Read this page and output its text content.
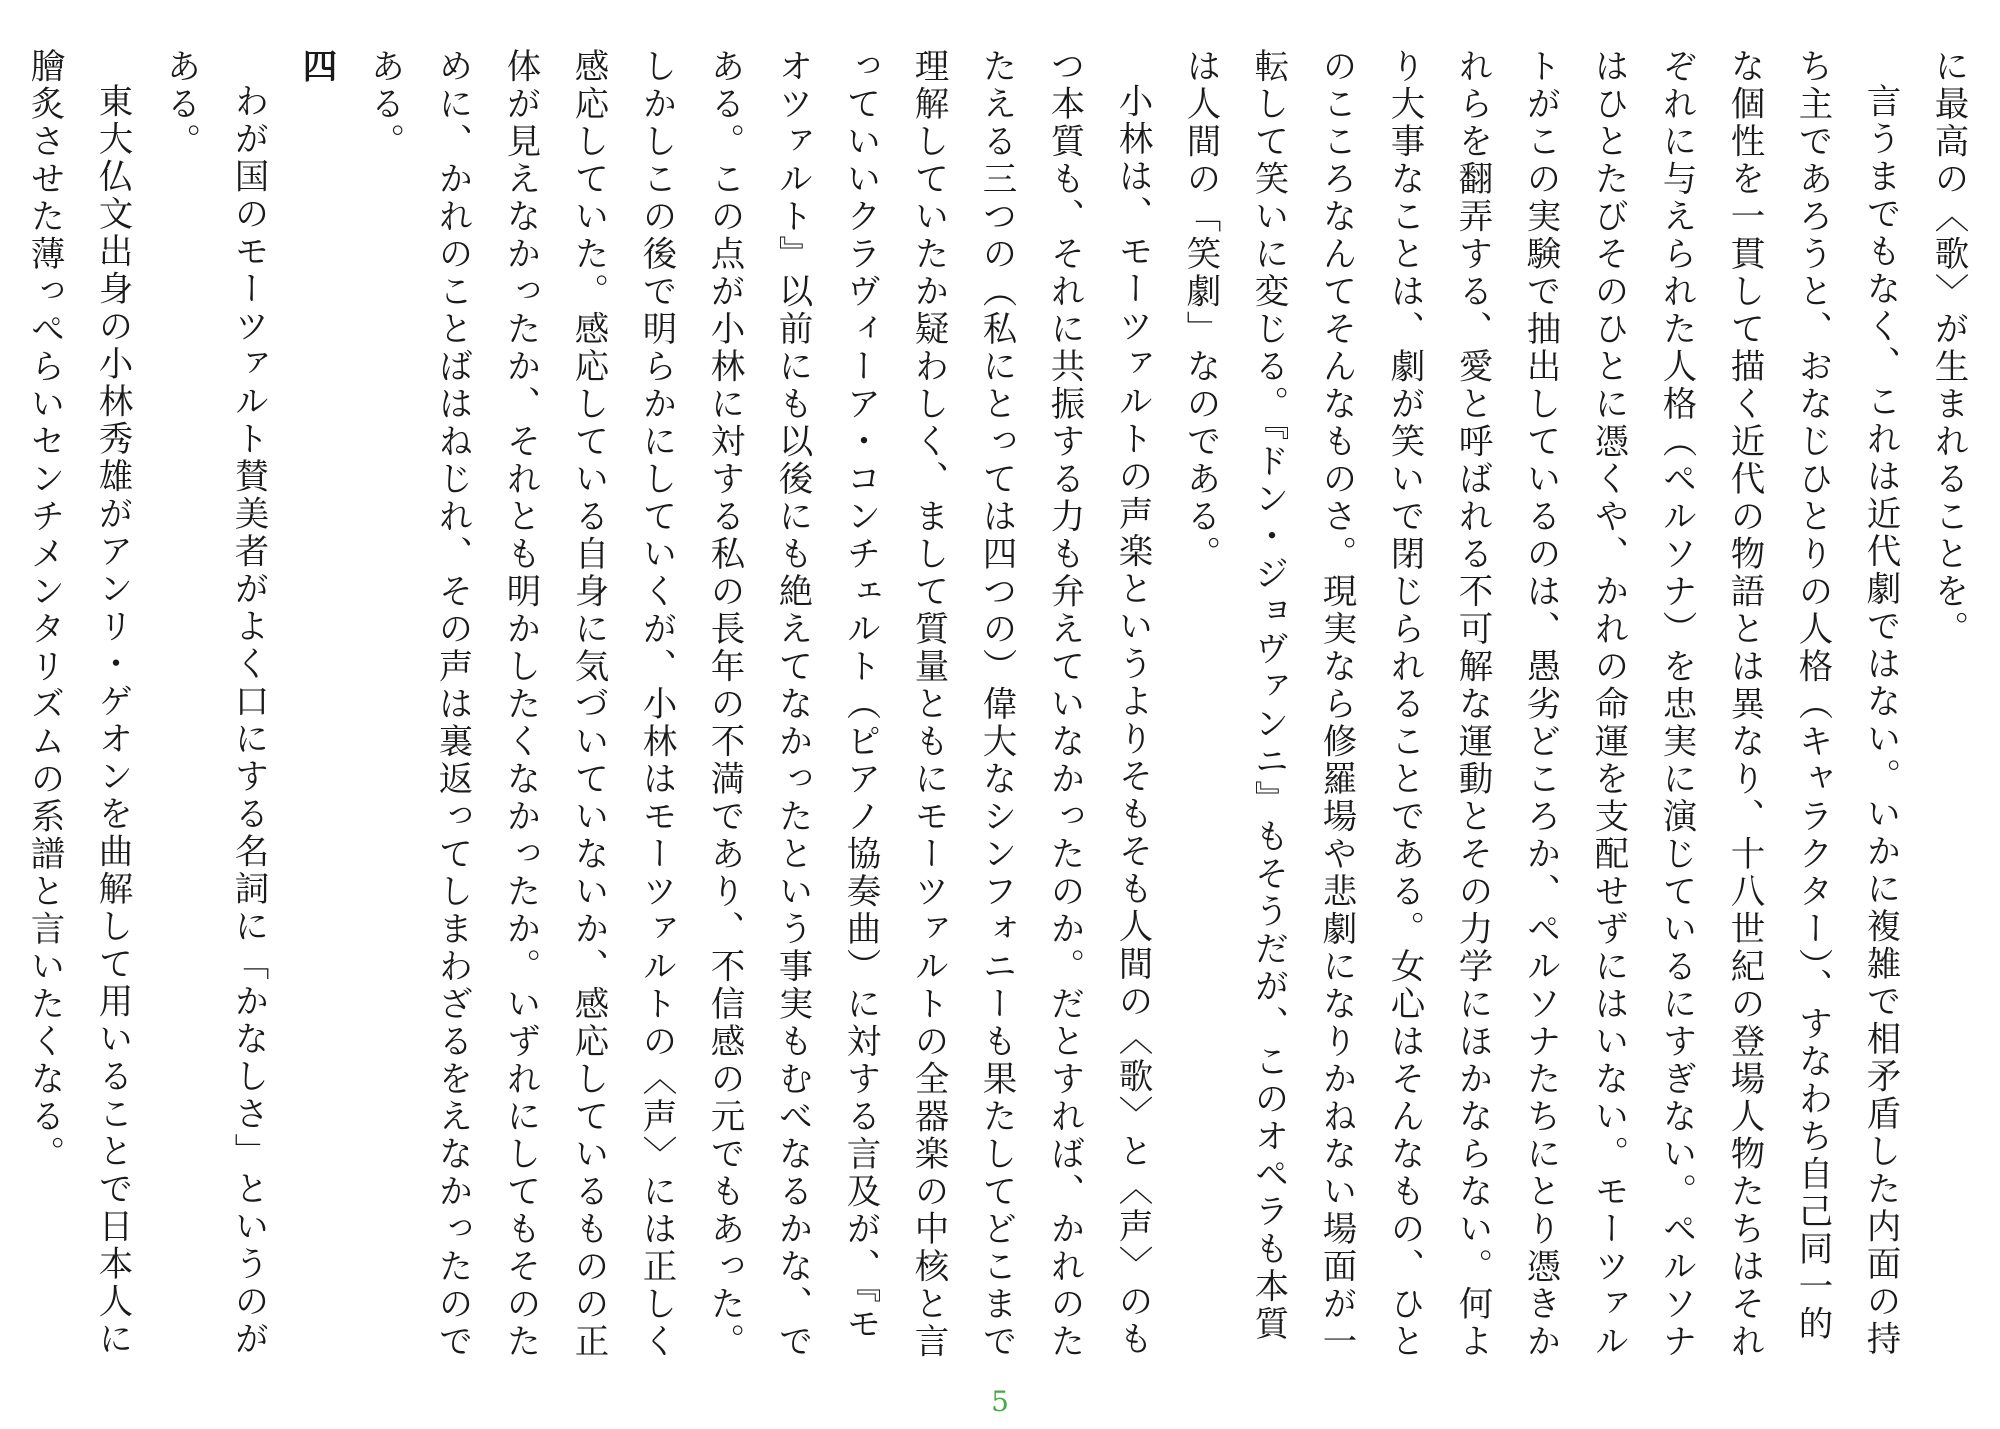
に最高の〈歌〉が生まれることを。

言うまでもなく、これは近代劇ではない。いかに複雑で相矛盾した内面の持ち主であろうと、おなじひとりの人格（キャラクター）、すなわち自己同一的な個性を一貫して描く近代の物語とは異なり、十八世紀の登場人物たちはそれぞれに与えられた人格（ペルソナ）を忠実に演じているにすぎない。ペルソナはひとたびそのひとに憑くや、かれの命運を支配せずにはいない。モーツァルトがこの実験で抽出しているのは、愚劣どころか、ペルソナたちにとり憑きかれらを翻弄する、愛と呼ばれる不可解な運動とその力学にほかならない。何より大事なことは、劇が笑いで閉じられることである。女心はそんなもの、ひとのこころなんてそんなものさ。現実なら修羅場や悲劇になりかねない場面が一転して笑いに変じる。『ドン・ジョヴァンニ』もそうだが、このオペラも本質は人間の「笑劇」なのである。

小林は、モーツァルトの声楽というよりそもそも人間の〈歌〉と〈声〉のもつ本質も、それに共振する力も弁えていなかったのか。だとすれば、かれのたたえる三つの（私にとっては四つの）偉大なシンフォニーも果たしてどこまで理解していたか疑わしく、まして質量ともにモーツァルトの全器楽の中核と言っていいクラヴィーア・コンチェルト（ピアノ協奏曲）に対する言及が、『モオツァルト』以前にも以後にも絶えてなかったという事実もむべなるかな、である。この点が小林に対する私の長年の不満であり、不信感の元でもあった。しかしこの後で明らかにしていくが、小林はモーツァルトの〈声〉には正しく感応していた。感応している自身に気づいていないか、感応しているものの正体が見えなかったか、それとも明かしたくなかったか。いずれにしてもそのために、かれのことばはねじれ、その声は裏返ってしまわざるをえなかったのである。

四

わが国のモーツァルト賛美者がよく口にする名詞に「かなしさ」というのがある。

東大仏文出身の小林秀雄がアンリ・ゲオンを曲解して用いることで日本人に膾炙させた薄っぺらいセンチメンタリズムの系譜と言いたくなる。

5
